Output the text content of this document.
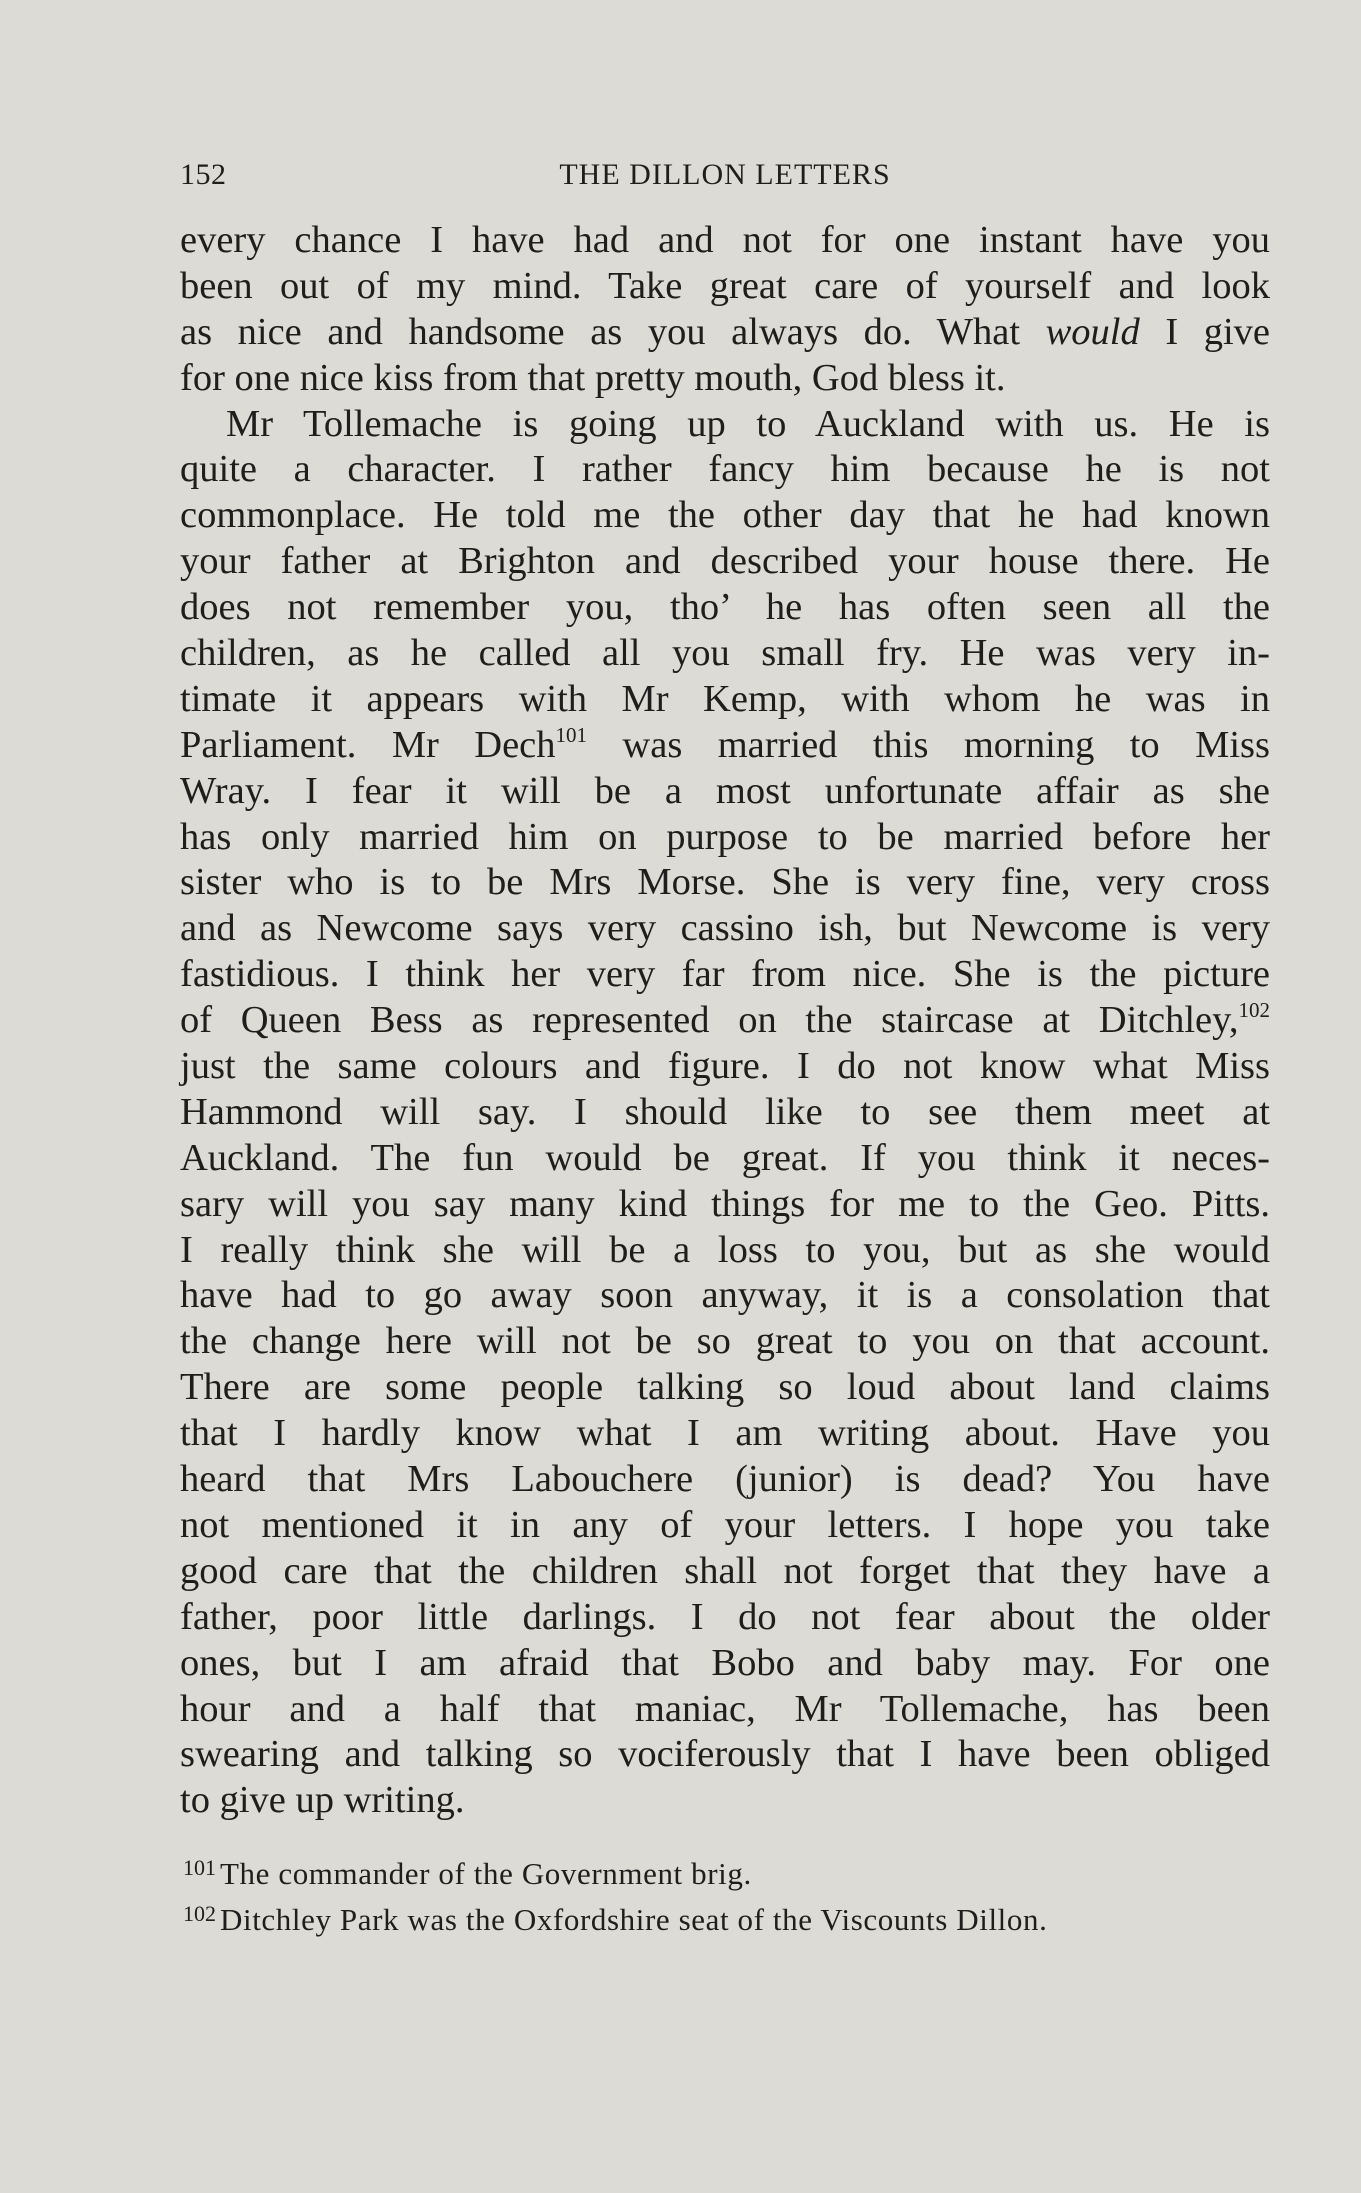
152	THE DILLON LETTERS
every chance I have had and not for one instant have you
been out of my mind. Take great care of yourself and look
as nice and handsome as you always do. What would I give
for one nice kiss from that pretty mouth, God bless it.
Mr Tollemache is going up to Auckland with us. He is
quite a character. I rather fancy him because he is not
commonplace. He told me the other day that he had known
your father at Brighton and described your house there. He
does not remember you, tho’ he has often seen all the
children, as he called all you small fry. He was very in-
timate it appears with Mr Kemp, with whom he was in
Parliament. Mr Dech$^{101}$ was married this morning to Miss
Wray. I fear it will be a most unfortunate affair as she
has only married him on purpose to be married before her
sister who is to be Mrs Morse. She is very fine, very cross
and as Newcome says very cassino ish, but Newcome is very
fastidious. I think her very far from nice. She is the picture
of Queen Bess as represented on the staircase at Ditchley,$^{102}$
just the same colours and figure. I do not know what Miss
Hammond will say. I should like to see them meet at
Auckland. The fun would be great. If you think it neces-
sary will you say many kind things for me to the Geo. Pitts.
I really think she will be a loss to you, but as she would
have had to go away soon anyway, it is a consolation that
the change here will not be so great to you on that account.
There are some people talking so loud about land claims
that I hardly know what I am writing about. Have you
heard that Mrs Labouchere (junior) is dead? You have
not mentioned it in any of your letters. I hope you take
good care that the children shall not forget that they have a
father, poor little darlings. I do not fear about the older
ones, but I am afraid that Bobo and baby may. For one
hour and a half that maniac, Mr Tollemache, has been
swearing and talking so vociferously that I have been obliged
to give up writing.
$^{101}$ The commander of the Government brig.
$^{102}$ Ditchley Park was the Oxfordshire seat of the Viscounts Dillon.
